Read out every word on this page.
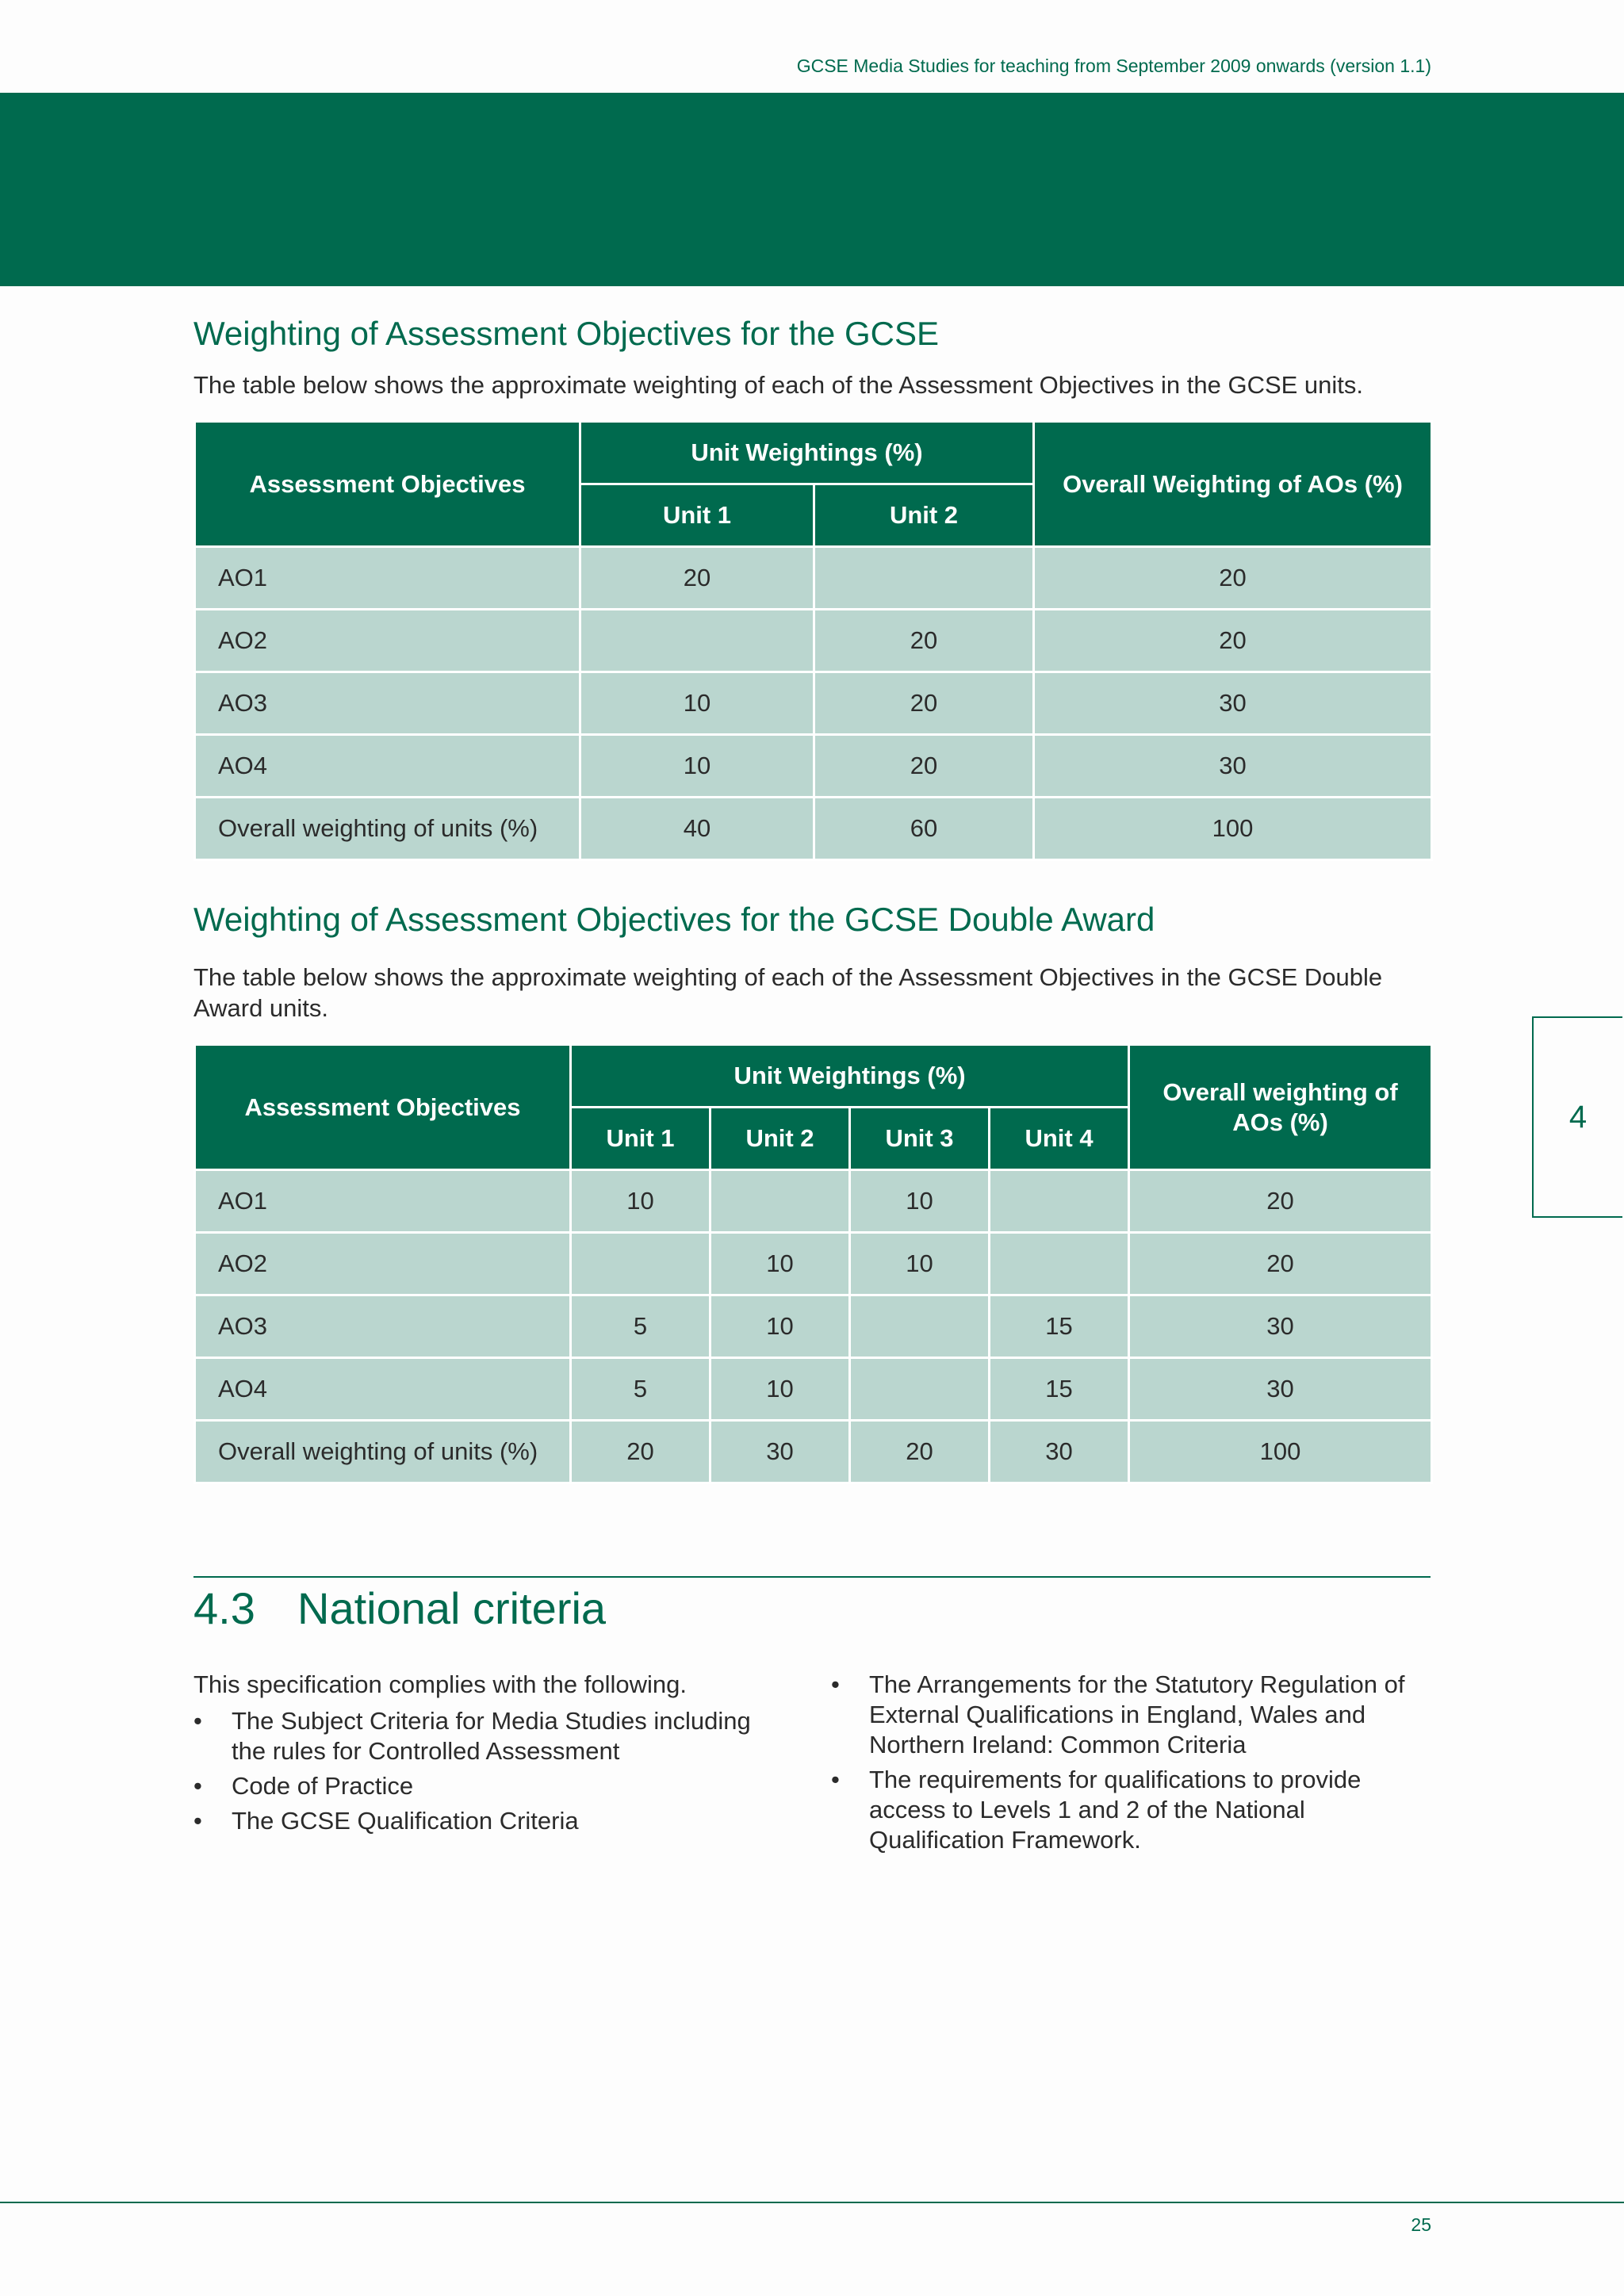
GCSE Media Studies for teaching from September 2009 onwards (version 1.1)
Weighting of Assessment Objectives for the GCSE

The table below shows the approximate weighting of each of the Assessment Objectives in the GCSE units.

Assessment Objectives	Unit Weightings (%)		Overall Weighting of AOs (%)
	Unit 1	Unit 2	
AO1	20		20
AO2		20	20
AO3	10	20	30
AO4	10	20	30
Overall weighting of units (%)	40	60	100
Weighting of Assessment Objectives for the GCSE Double Award

The table below shows the approximate weighting of each of the Assessment Objectives in the GCSE Double Award units.

Assessment Objectives	Unit Weightings (%)				Overall weighting of AOs (%)
	Unit 1	Unit 2	Unit 3	Unit 4	
AO1	10		10		20
AO2		10	10		20
AO3	5	10		15	30
AO4	5	10		15	30
Overall weighting of units (%)	20	30	20	30	100
4.3 National criteria

This specification complies with the following.

• The Subject Criteria for Media Studies including the rules for Controlled Assessment
• Code of Practice
• The GCSE Qualification Criteria
• The Arrangements for the Statutory Regulation of External Qualifications in England, Wales and Northern Ireland: Common Criteria
• The requirements for qualifications to provide access to Levels 1 and 2 of the National Qualification Framework.
4
25
